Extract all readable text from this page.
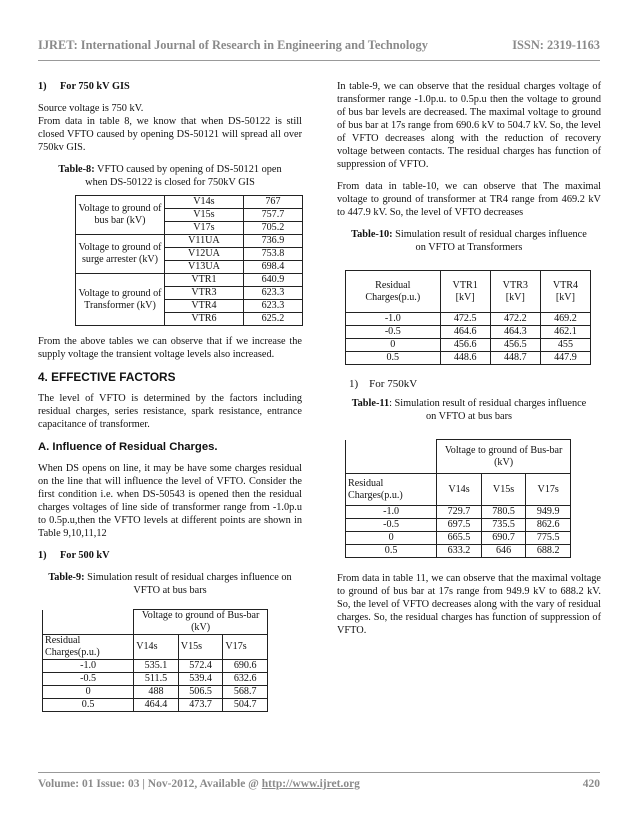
IJRET: International Journal of Research in Engineering and Technology	ISSN: 2319-1163
1) For 750 kV GIS

Source voltage is 750 kV.

From data in table 8, we know that when DS-50122 is still closed VFTO caused by opening DS-50121 will spread all over 750kv GIS.

Table-8: VFTO caused by opening of DS-50121 open when DS-50122 is closed for 750kV GIS
Voltage to ground of bus bar (kV)	V14s	767
	V15s	757.7
	V17s	705.2
Voltage to ground of surge arrester (kV)	V11UA	736.9
	V12UA	753.8
	V13UA	698.4
Voltage to ground of Transformer (kV)	VTR1	640.9
	VTR3	623.3
	VTR4	623.3
	VTR6	625.2

From the above tables we can observe that if we increase the supply voltage the transient voltage levels also increased.

4. EFFECTIVE FACTORS

The level of VFTO is determined by the factors including residual charges, series resistance, spark resistance, entrance capacitance of transformer.

A. Influence of Residual Charges.

When DS opens on line, it may be have some charges residual on the line that will influence the level of VFTO. Consider the first condition i.e. when DS-50543 is opened then the residual charges voltages of line side of transformer range from -1.0p.u to 0.5p.u,then the VFTO levels at different points are shown in Table 9,10,11,12

1) For 500 kV
Table-9: Simulation result of residual charges influence on VFTO at bus bars
	Voltage to ground of Bus-bar (kV)		
Residual Charges(p.u.)	V14s	V15s	V17s
-1.0	535.1	572.4	690.6
-0.5	511.5	539.4	632.6
0	488	506.5	568.7
0.5	464.4	473.7	504.7

In table-9, we can observe that the residual charges voltage of transformer range -1.0p.u. to 0.5p.u then the voltage to ground of bus bar levels are decreased. The maximal voltage to ground of bus bar at 17s range from 690.6 kV to 504.7 kV. So, the level of VFTO decreases along with the reduction of recovery voltage between contacts. The residual charges has function of suppression of VFTO.

From data in table-10, we can observe that The maximal voltage to ground of transformer at TR4 range from 469.2 kV to 447.9 kV. So, the level of VFTO decreases

Table-10: Simulation result of residual charges influence on VFTO at Transformers
Residual Charges(p.u.)	VTR1 [kV]	VTR3 [kV]	VTR4 [kV]
-1.0	472.5	472.2	469.2
-0.5	464.6	464.3	462.1
0	456.6	456.5	455
0.5	448.6	448.7	447.9
1)    For 750kV
Table-11: Simulation result of residual charges influence   on VFTO at bus bars
	Voltage to ground of Bus-bar (kV)		
Residual Charges(p.u.)	V14s	V15s	V17s
-1.0	729.7	780.5	949.9
-0.5	697.5	735.5	862.6
0	665.5	690.7	775.5
0.5	633.2	646	688.2

From data in table 11, we can observe that the maximal voltage to ground of bus bar at 17s range from 949.9 kV to 688.2 kV. So, the level of VFTO decreases along with the vary of residual charges. So, the residual charges has function of suppression of VFTO.

Volume: 01 Issue: 03 | Nov-2012, Available @ http://www.ijret.org	420
